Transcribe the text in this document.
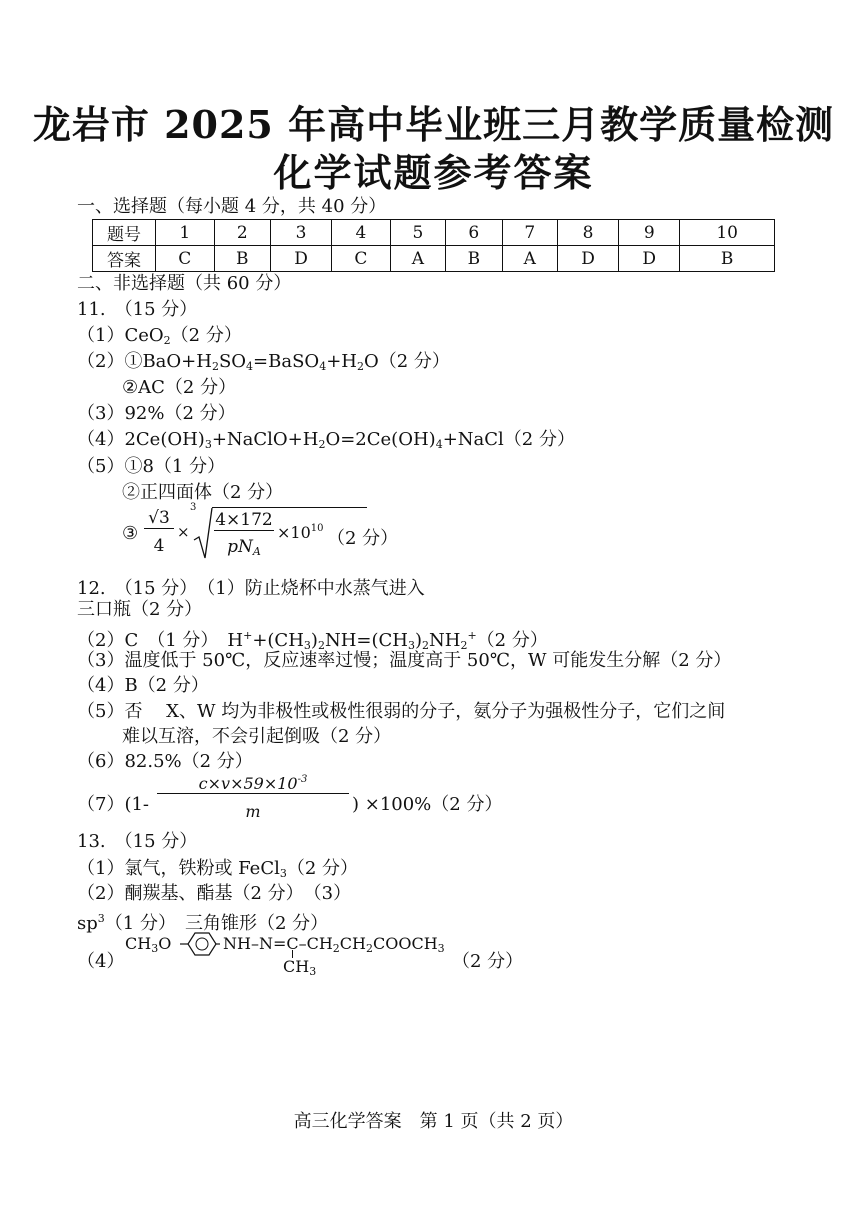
龙岩市 2025 年高中毕业班三月教学质量检测
化学试题参考答案
一、选择题（每小题 4 分，共 40 分）
题号	1	2	3	4	5	6	7	8	9	10
答案	C	B	D	C	A	B	A	D	D	B
二、非选择题（共 60 分）
11.　（15 分）
（1）CeO$_2$（2 分）
$(2)①BaO+H_2SO_4=BaSO_4+H_2O(2$ 分）
②AC（2 分）
（3）92%（2 分）
$(4)2Ce(OH)_3+NaClO+H_2O=2Ce(OH)_4+NaCl(2$ 分）
（5）①8（1 分）
②正四面体（2 分）
③
√3
4
×
3
4×172
$pN_A$
$\times 10^{10}$ （2 分）
12.　（15 分）　（1）防止烧杯中水蒸气进入
三口瓶（2 分）
（2）C　（1 分）　$H^++(CH_3)_2NH=(CH_3)_2NH_2^+(2$ 分）
（3）温度低于 50℃，反应速率过慢；温度高于 50℃，W 可能发生分解（2 分）
（4）B（2 分）
（5）否　 X、W 均为非极性或极性很弱的分子，氨分子为强极性分子，它们之间
难以互溶，不会引起倒吸（2 分）
（6）82.5%（2 分）
（7）(1-
$c\times v\times 59\times 10^{-3}$
m	) ×100%（2 分）
13.　（15 分）
（1）氯气，铁粉或 FeCl$_3$（2 分）
（2）酮羰基、酯基（2 分）　（3）
$sp^3(1$ 分）　三角锥形（2 分）
（4）
$CH_3O$	$NH-N=C-CH_2CH_2COOCH_3$
$CH_3$	（2 分）
高三化学答案　第 1 页（共 2 页）
